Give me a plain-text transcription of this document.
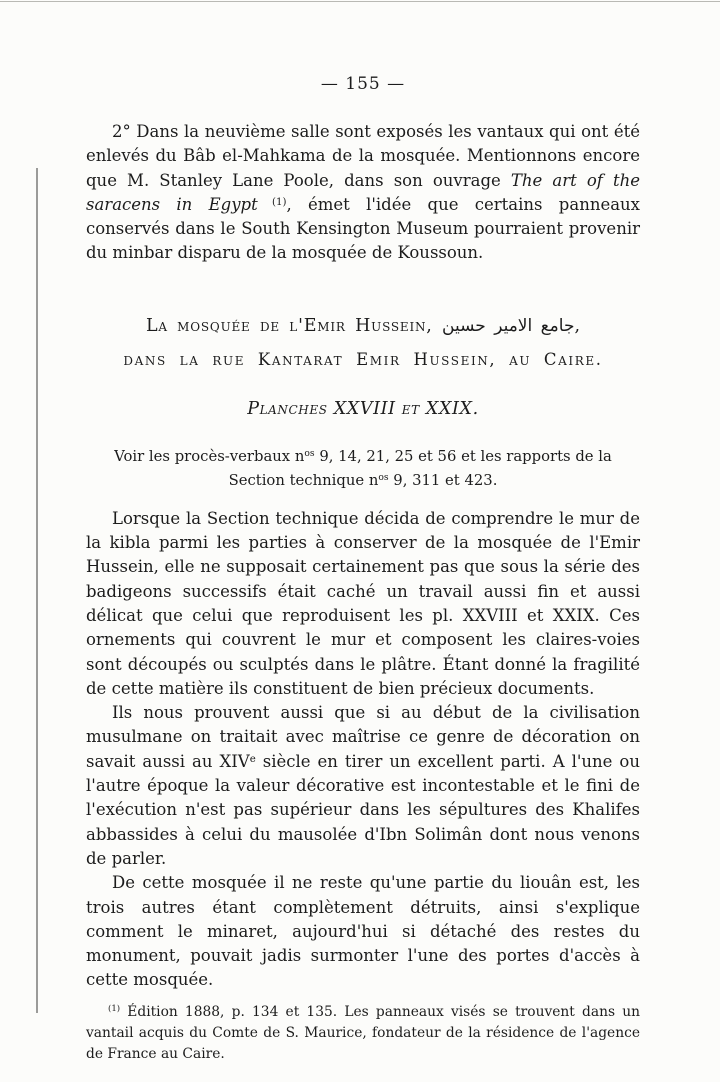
— 155 —

2° Dans la neuvième salle sont exposés les vantaux qui ont été enlevés du Bâb el-Mahkama de la mosquée. Mentionnons encore que M. Stanley Lane Poole, dans son ouvrage The art of the saracens in Egypt $^{(1)}$, émet l'idée que certains panneaux conservés dans le South Kensington Museum pourraient provenir du minbar disparu de la mosquée de Koussoun.

La mosquée de l'Emir Hussein, جامع الامير حسين,
dans la rue Kantarat Emir Hussein, au Caire.
Planches XXVIII et XXIX.
Voir les procès-verbaux $n^{os}$ 9, 14, 21, 25 et 56 et les rapports de la Section technique $n^{os}$ 9, 311 et 423.

Lorsque la Section technique décida de comprendre le mur de la kibla parmi les parties à conserver de la mosquée de l'Emir Hussein, elle ne supposait certainement pas que sous la série des badigeons successifs était caché un travail aussi fin et aussi délicat que celui que reproduisent les pl. XXVIII et XXIX. Ces ornements qui couvrent le mur et composent les claires-voies sont découpés ou sculptés dans le plâtre. Étant donné la fragilité de cette matière ils constituent de bien précieux documents.

Ils nous prouvent aussi que si au début de la civilisation musulmane on traitait avec maîtrise ce genre de décoration on savait aussi au XIVe siècle en tirer un excellent parti. A l'une ou l'autre époque la valeur décorative est incontestable et le fini de l'exécution n'est pas supérieur dans les sépultures des Khalifes abbassides à celui du mausolée d'Ibn Solimân dont nous venons de parler.

De cette mosquée il ne reste qu'une partie du liouân est, les trois autres étant complètement détruits, ainsi s'explique comment le minaret, aujourd'hui si détaché des restes du monument, pouvait jadis surmonter l'une des portes d'accès à cette mosquée.

$^{(1)}$ Édition 1888, p. 134 et 135. Les panneaux visés se trouvent dans un vantail acquis du Comte de S. Maurice, fondateur de la résidence de l'agence de France au Caire.
